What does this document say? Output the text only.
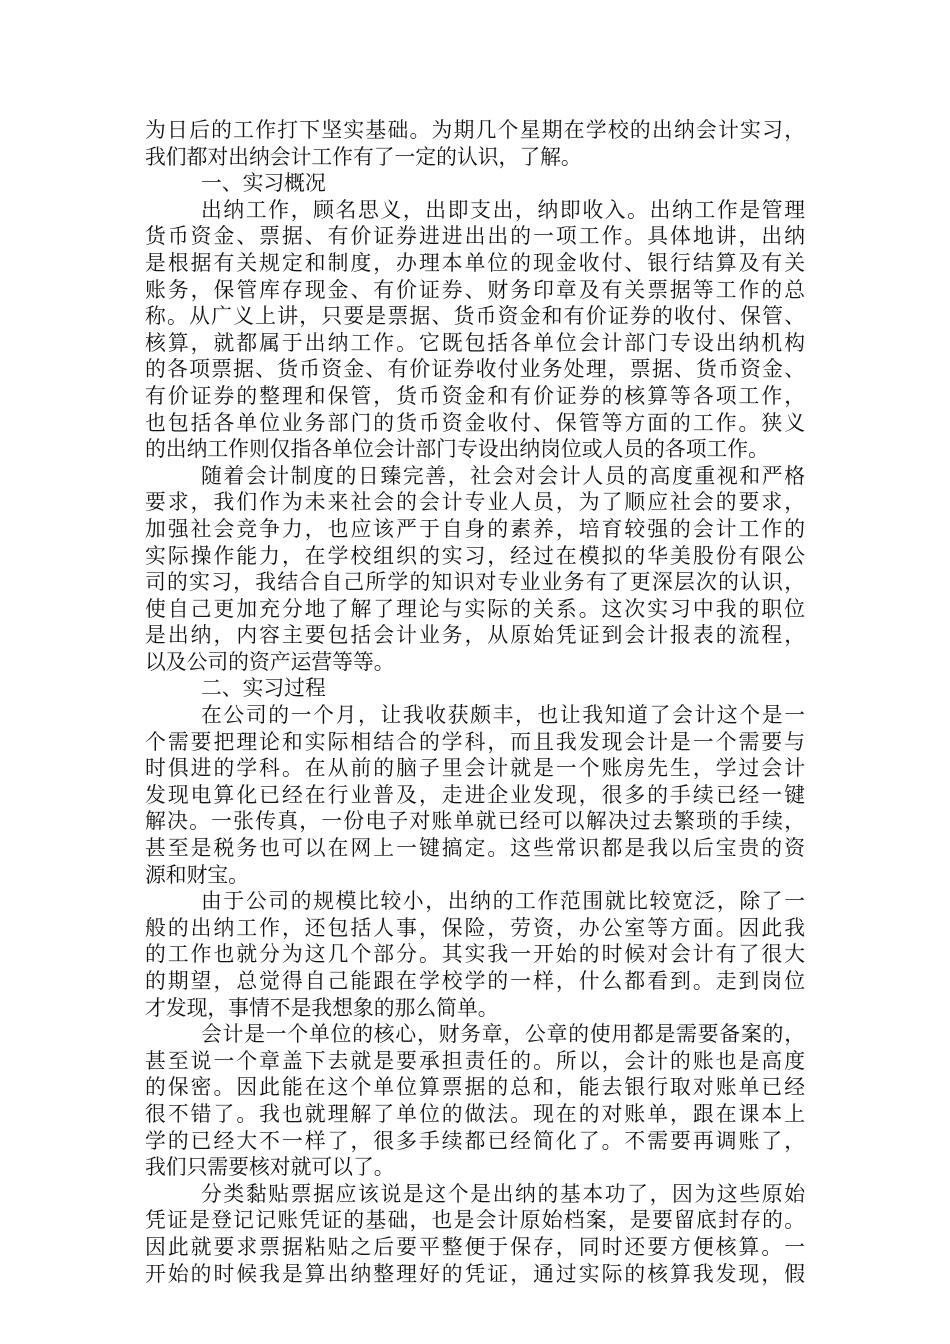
为日后的工作打下坚实基础。为期几个星期在学校的出纳会计实习，
我们都对出纳会计工作有了一定的认识，了解。
一、实习概况
出纳工作，顾名思义，出即支出，纳即收入。出纳工作是管理
货币资金、票据、有价证券进进出出的一项工作。具体地讲，出纳
是根据有关规定和制度，办理本单位的现金收付、银行结算及有关
账务，保管库存现金、有价证券、财务印章及有关票据等工作的总
称。从广义上讲，只要是票据、货币资金和有价证券的收付、保管、
核算，就都属于出纳工作。它既包括各单位会计部门专设出纳机构
的各项票据、货币资金、有价证券收付业务处理，票据、货币资金、
有价证券的整理和保管，货币资金和有价证券的核算等各项工作，
也包括各单位业务部门的货币资金收付、保管等方面的工作。狭义
的出纳工作则仅指各单位会计部门专设出纳岗位或人员的各项工作。
随着会计制度的日臻完善，社会对会计人员的高度重视和严格
要求，我们作为未来社会的会计专业人员，为了顺应社会的要求，
加强社会竞争力，也应该严于自身的素养，培育较强的会计工作的
实际操作能力，在学校组织的实习，经过在模拟的华美股份有限公
司的实习，我结合自己所学的知识对专业业务有了更深层次的认识，
使自己更加充分地了解了理论与实际的关系。这次实习中我的职位
是出纳，内容主要包括会计业务，从原始凭证到会计报表的流程，
以及公司的资产运营等等。
二、实习过程
在公司的一个月，让我收获颇丰，也让我知道了会计这个是一
个需要把理论和实际相结合的学科，而且我发现会计是一个需要与
时俱进的学科。在从前的脑子里会计就是一个账房先生，学过会计
发现电算化已经在行业普及，走进企业发现，很多的手续已经一键
解决。一张传真，一份电子对账单就已经可以解决过去繁琐的手续，
甚至是税务也可以在网上一键搞定。这些常识都是我以后宝贵的资
源和财宝。
由于公司的规模比较小，出纳的工作范围就比较宽泛，除了一
般的出纳工作，还包括人事，保险，劳资，办公室等方面。因此我
的工作也就分为这几个部分。其实我一开始的时候对会计有了很大
的期望，总觉得自己能跟在学校学的一样，什么都看到。走到岗位
才发现，事情不是我想象的那么简单。
会计是一个单位的核心，财务章，公章的使用都是需要备案的，
甚至说一个章盖下去就是要承担责任的。所以，会计的账也是高度
的保密。因此能在这个单位算票据的总和，能去银行取对账单已经
很不错了。我也就理解了单位的做法。现在的对账单，跟在课本上
学的已经大不一样了，很多手续都已经简化了。不需要再调账了，
我们只需要核对就可以了。
分类黏贴票据应该说是这个是出纳的基本功了，因为这些原始
凭证是登记记账凭证的基础，也是会计原始档案，是要留底封存的。
因此就要求票据粘贴之后要平整便于保存，同时还要方便核算。一
开始的时候我是算出纳整理好的凭证，通过实际的核算我发现，假
